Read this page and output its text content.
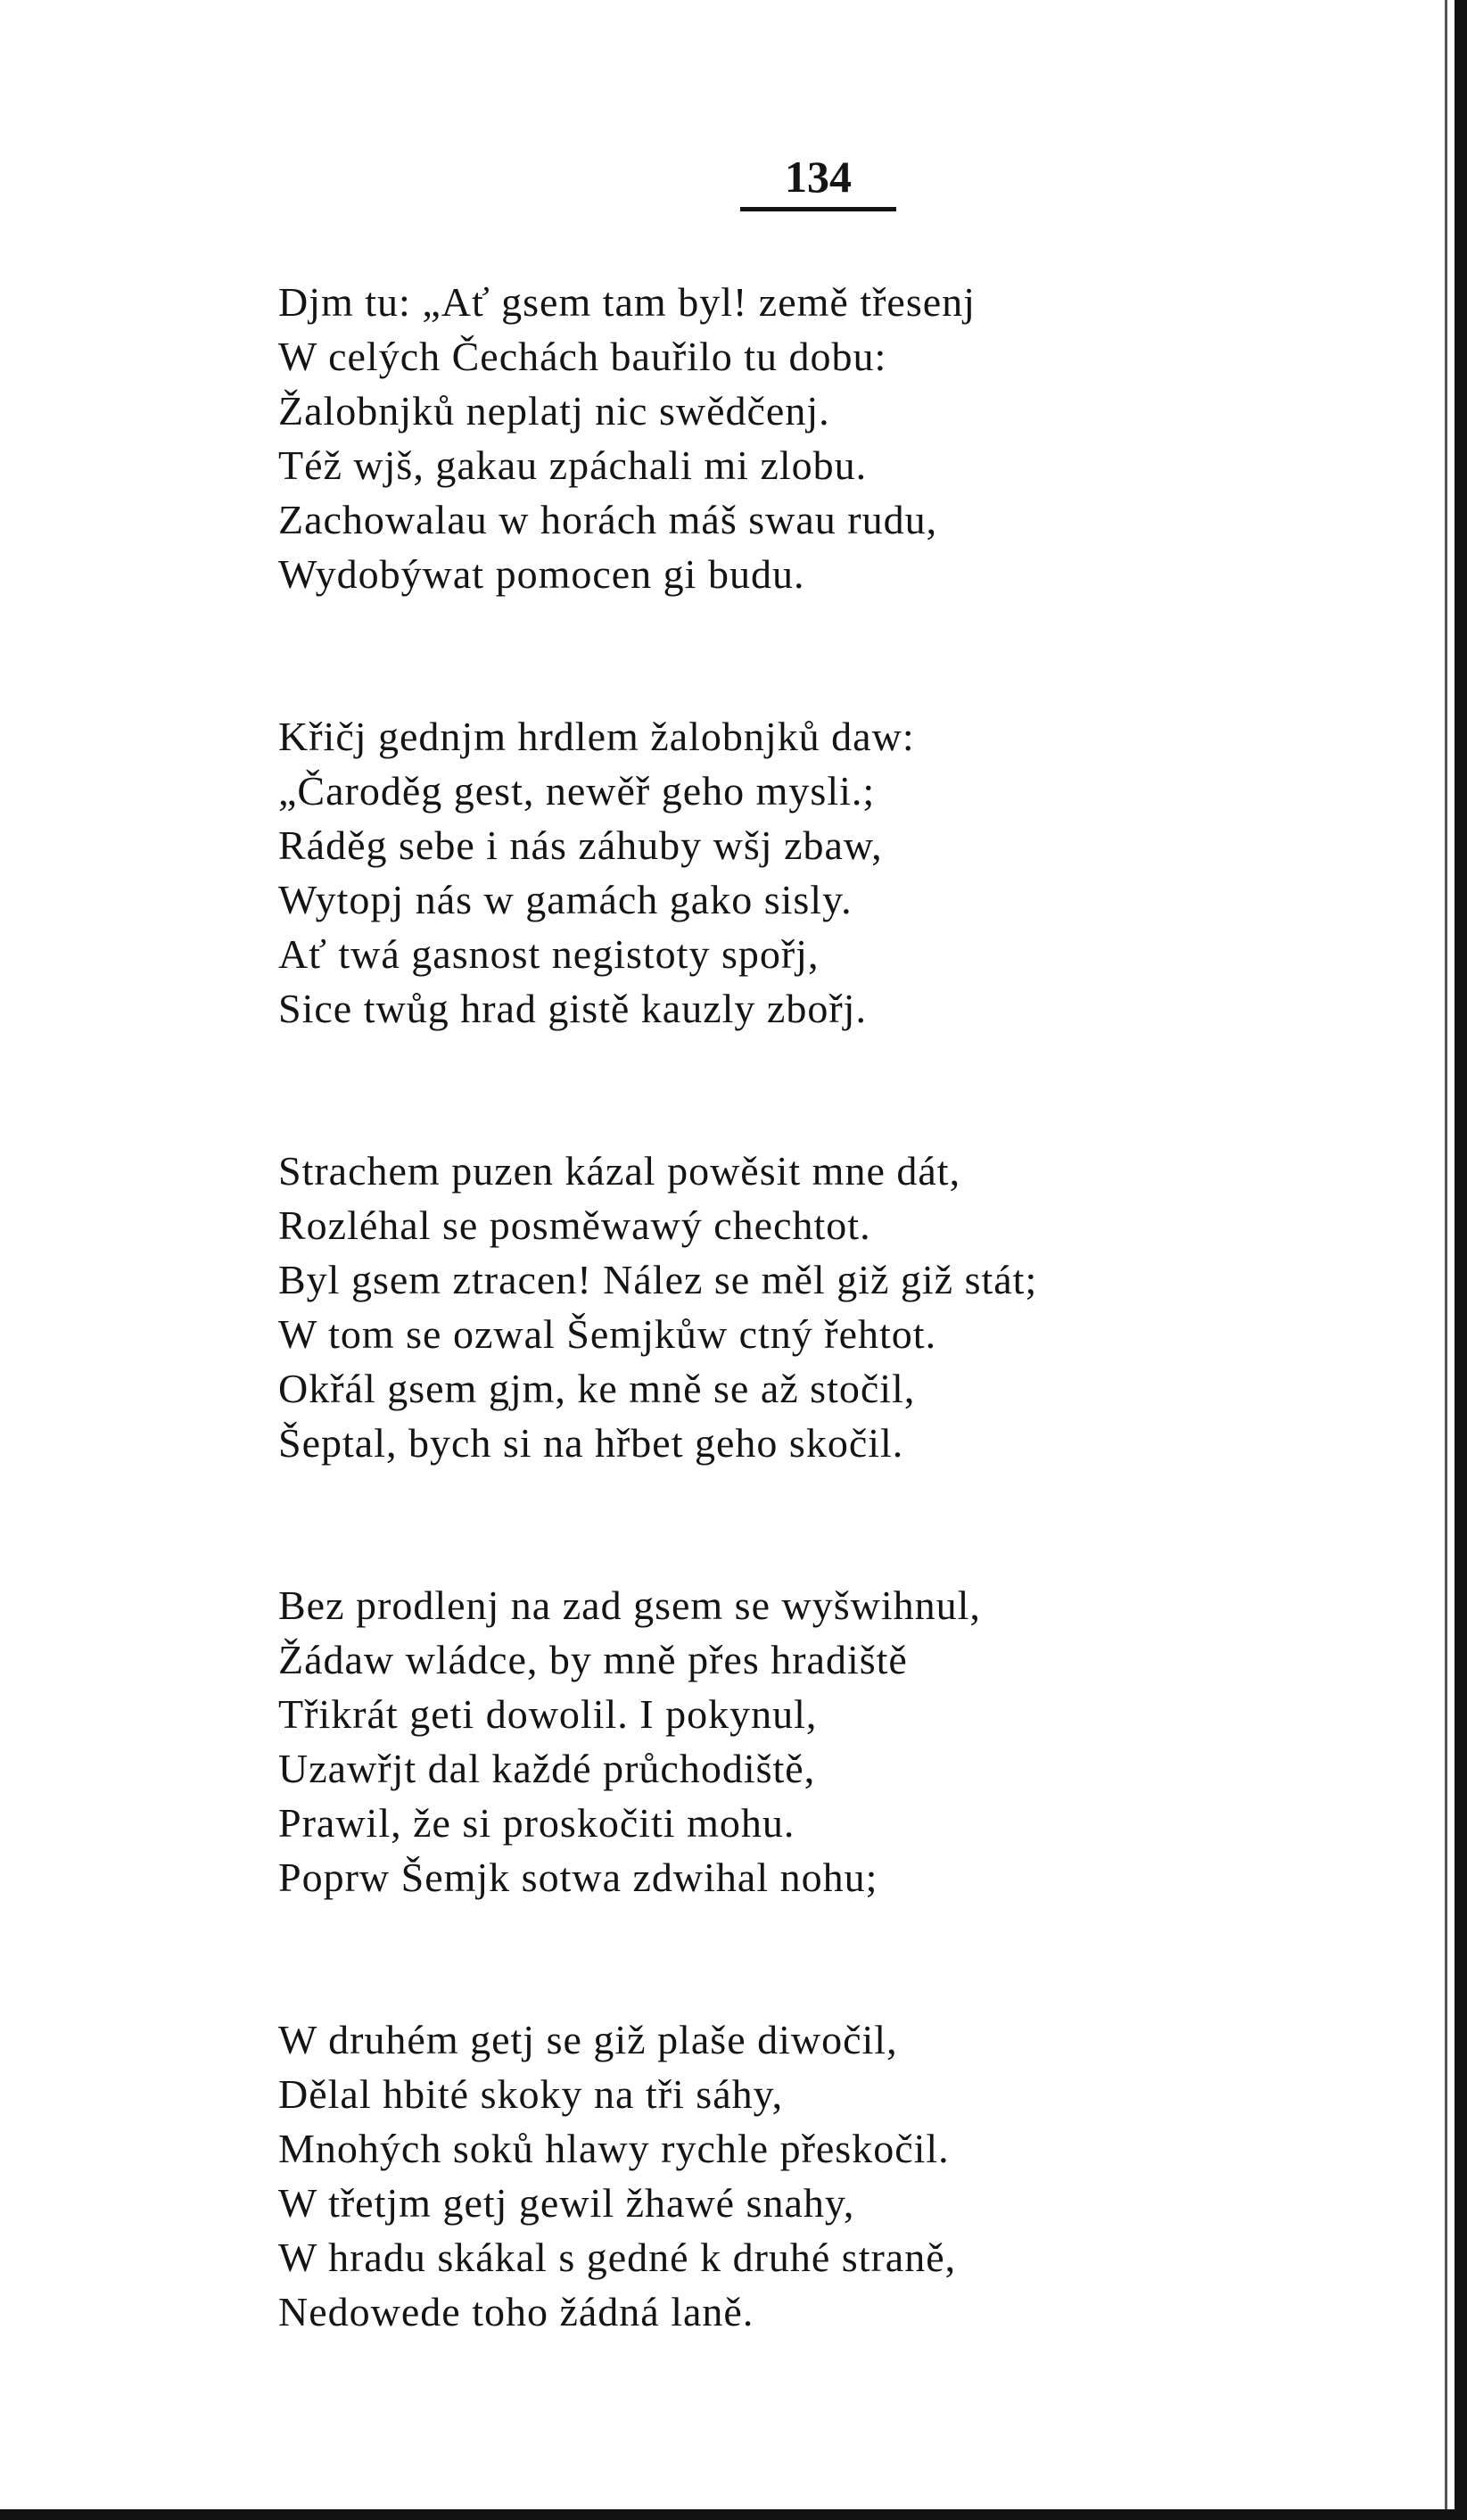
134
Djm tu: „Ať gsem tam byl! země třesenj
W celých Čechách bauřilo tu dobu:
Žalobnjků neplatj nic swědčenj.
Též wjš, gakau zpáchali mi zlobu.
Zachowalau w horách máš swau rudu,
Wydobýwat pomocen gi budu.
Křičj gednjm hrdlem žalobnjků daw:
„Čaroděg gest, newěř geho mysli.;
Ráděg sebe i nás záhuby wšj zbaw,
Wytopj nás w gamách gako sisly.
Ať twá gasnost negistoty spořj,
Sice twůg hrad gistě kauzly zbořj.
Strachem puzen kázal powěsit mne dát,
Rozléhal se posměwawý chechtot.
Byl gsem ztracen! Nález se měl giž giž stát;
W tom se ozwal Šemjkůw ctný řehtot.
Okřál gsem gjm, ke mně se až stočil,
Šeptal, bych si na hřbet geho skočil.
Bez prodlenj na zad gsem se wyšwihnul,
Žádaw wládce, by mně přes hradiště
Třikrát geti dowolil. I pokynul,
Uzawřjt dal každé průchodiště,
Prawil, že si proskočiti mohu.
Poprw Šemjk sotwa zdwihal nohu;
W druhém getj se giž plaše diwočil,
Dělal hbité skoky na tři sáhy,
Mnohých soků hlawy rychle přeskočil.
W třetjm getj gewil žhawé snahy,
W hradu skákal s gedné k druhé straně,
Nedowede toho žádná laně.
